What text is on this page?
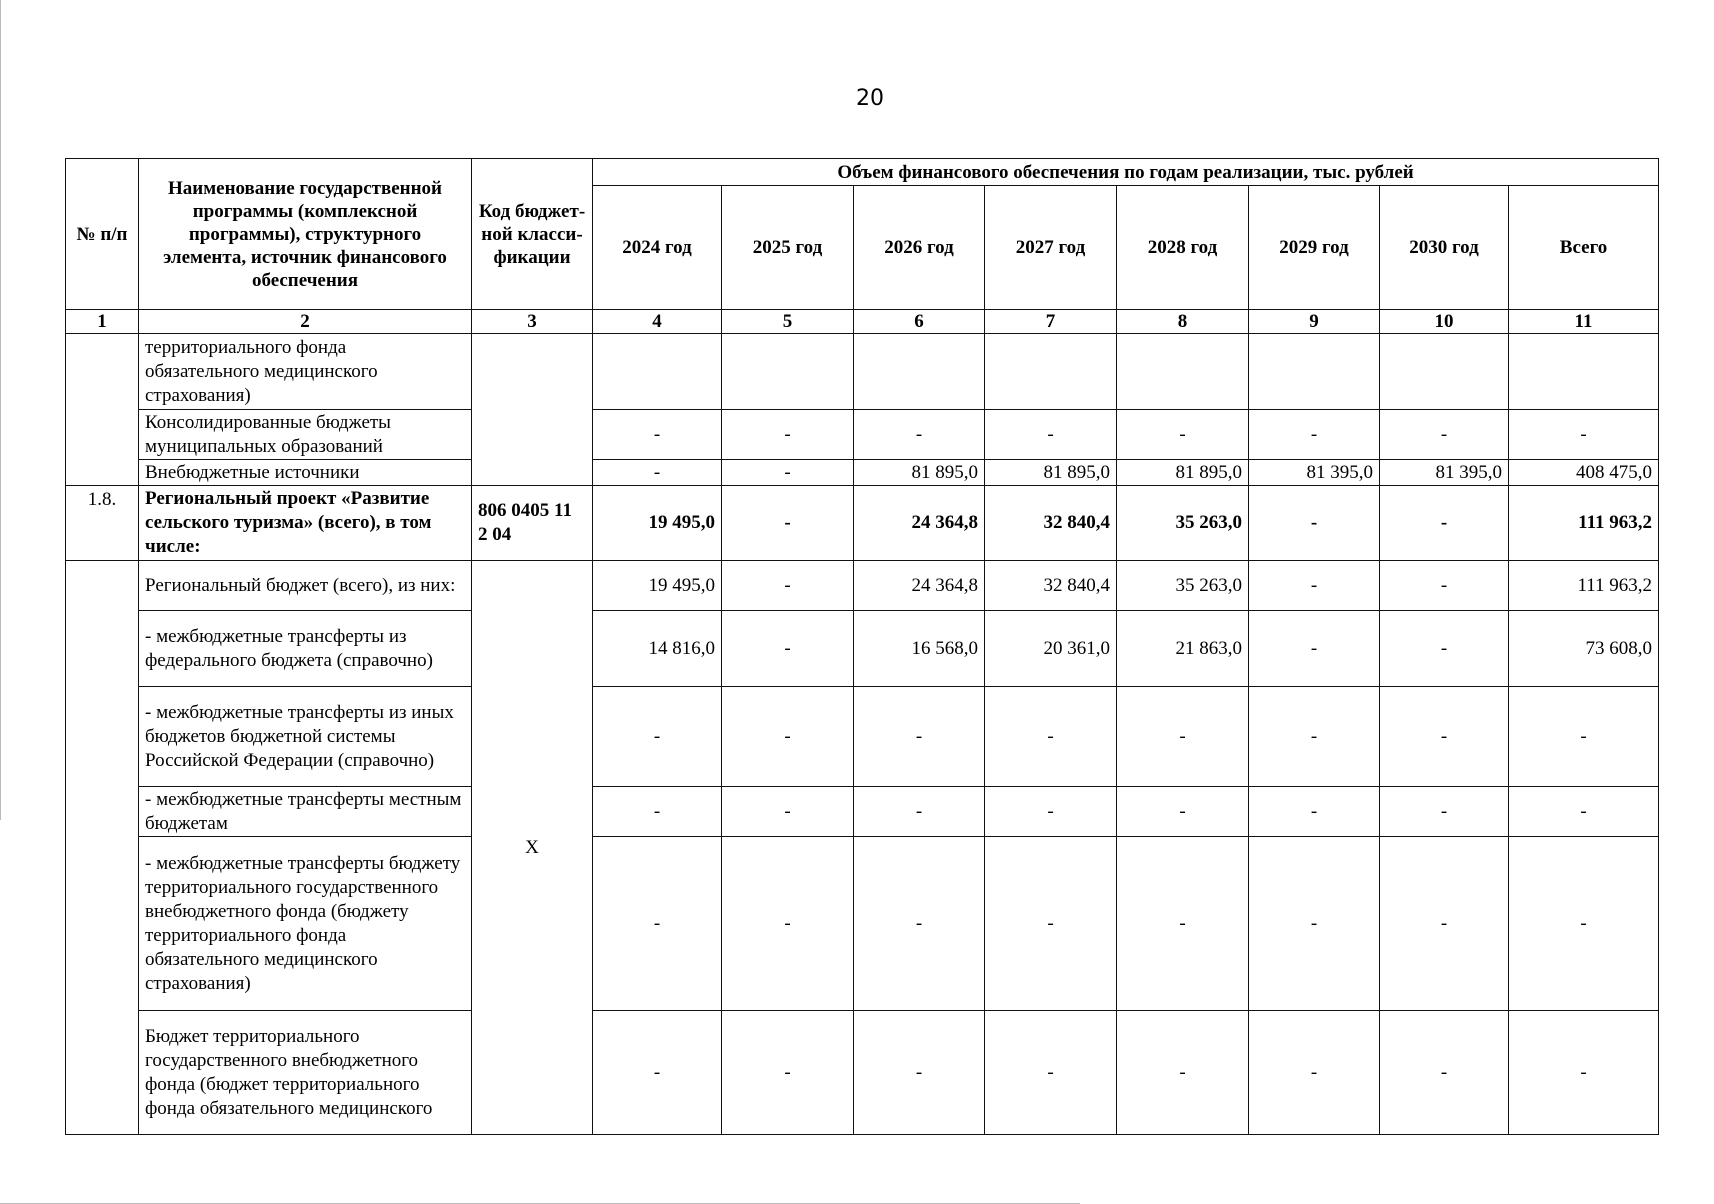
20
№ п/п	Наименование государственной программы (комплексной программы), структурного элемента, источник финансового обеспечения	Код бюджет- ной класси- фикации	Объем финансового обеспечения по годам реализации, тыс. рублей							
			2024 год	2025 год	2026 год	2027 год	2028 год	2029 год	2030 год	Всего
1	2	3	4	5	6	7	8	9	10	11
	территориального фонда обязательного медицинского страхования)									
	Консолидированные бюджеты муниципальных образований		-	-	-	-	-	-	-	-
	Внебюджетные источники		-	-	81 895,0	81 895,0	81 895,0	81 395,0	81 395,0	408 475,0
1.8.	Региональный проект «Развитие сельского туризма» (всего), в том числе:	806 0405 11 2 04	19 495,0	-	24 364,8	32 840,4	35 263,0	-	-	111 963,2
	Региональный бюджет (всего), из них:	Х	19 495,0	-	24 364,8	32 840,4	35 263,0	-	-	111 963,2
	- межбюджетные трансферты из федерального бюджета (справочно)		14 816,0	-	16 568,0	20 361,0	21 863,0	-	-	73 608,0
	- межбюджетные трансферты из иных бюджетов бюджетной системы Российской Федерации (справочно)		-	-	-	-	-	-	-	-
	- межбюджетные трансферты местным бюджетам		-	-	-	-	-	-	-	-
	- межбюджетные трансферты бюджету территориального государственного внебюджетного фонда (бюджету территориального фонда обязательного медицинского страхования)		-	-	-	-	-	-	-	-
	Бюджет территориального государственного внебюджетного фонда (бюджет территориального фонда обязательного медицинского		-	-	-	-	-	-	-	-
